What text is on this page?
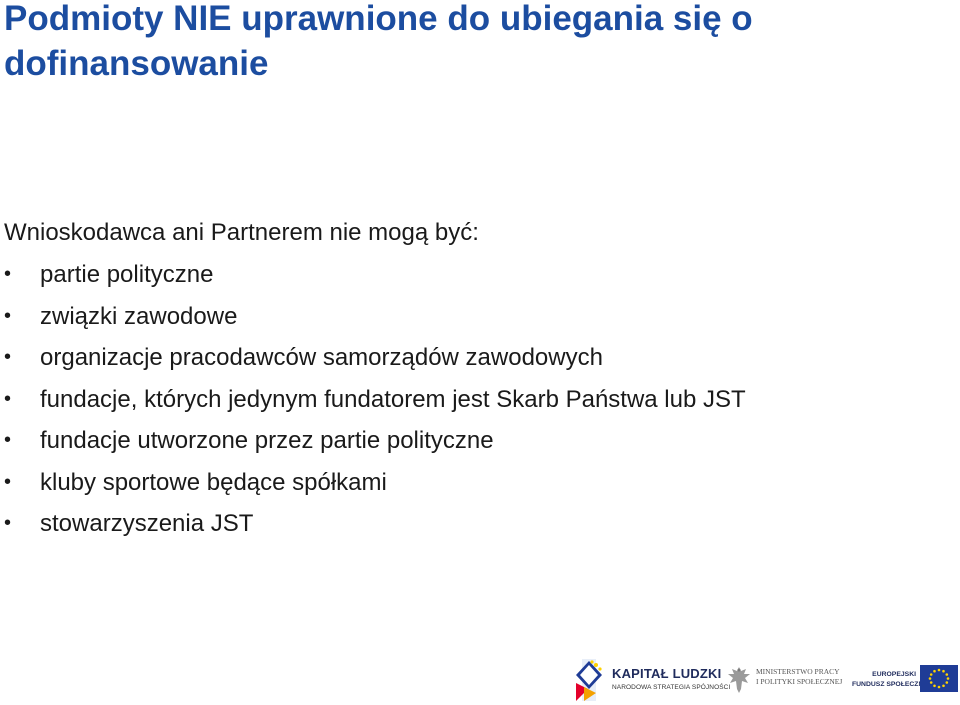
Podmioty NIE uprawnione do ubiegania się o dofinansowanie

Wnioskodawca ani Partnerem nie mogą być:

•	partie polityczne
•	związki zawodowe
•	organizacje pracodawców samorządów zawodowych
•	fundacje, których jedynym fundatorem jest Skarb Państwa lub JST
•	fundacje utworzone przez partie polityczne
•	kluby sportowe będące spółkami
•	stowarzyszenia JST
KAPITAŁ LUDZKI
NARODOWA STRATEGIA SPÓJNOŚCI
MINISTERSTWO PRACY
I POLITYKI SPOŁECZNEJ
EUROPEJSKI
FUNDUSZ SPOŁECZNY
